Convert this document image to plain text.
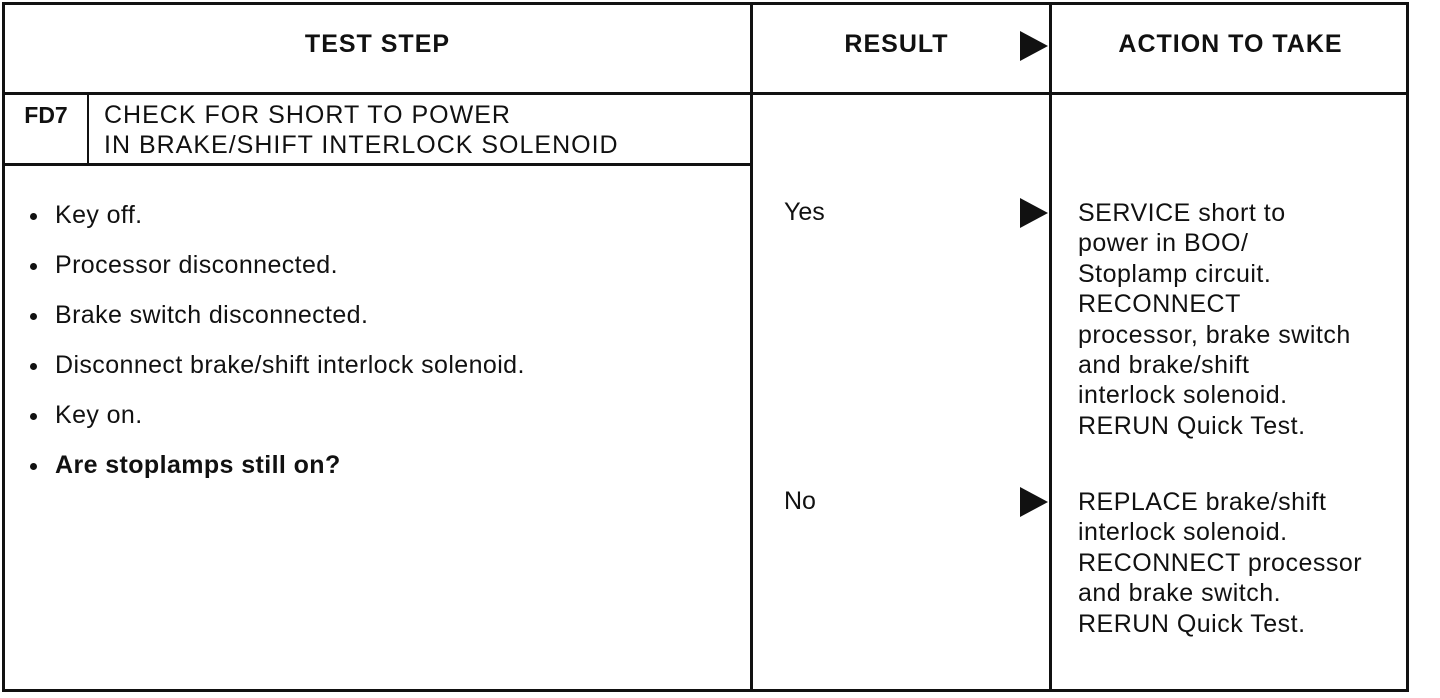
TEST STEP	RESULT	ACTION TO TAKE
FD7	CHECK FOR SHORT TO POWER
IN BRAKE/SHIFT INTERLOCK SOLENOID
Key off.
Processor disconnected.
Brake switch disconnected.
Disconnect brake/shift interlock solenoid.
Key on.
Are stoplamps still on?
Yes	SERVICE short to
power in BOO/
Stoplamp circuit.
RECONNECT
processor, brake switch
and brake/shift
interlock solenoid.
RERUN Quick Test.
No	REPLACE brake/shift
interlock solenoid.
RECONNECT processor
and brake switch.
RERUN Quick Test.
